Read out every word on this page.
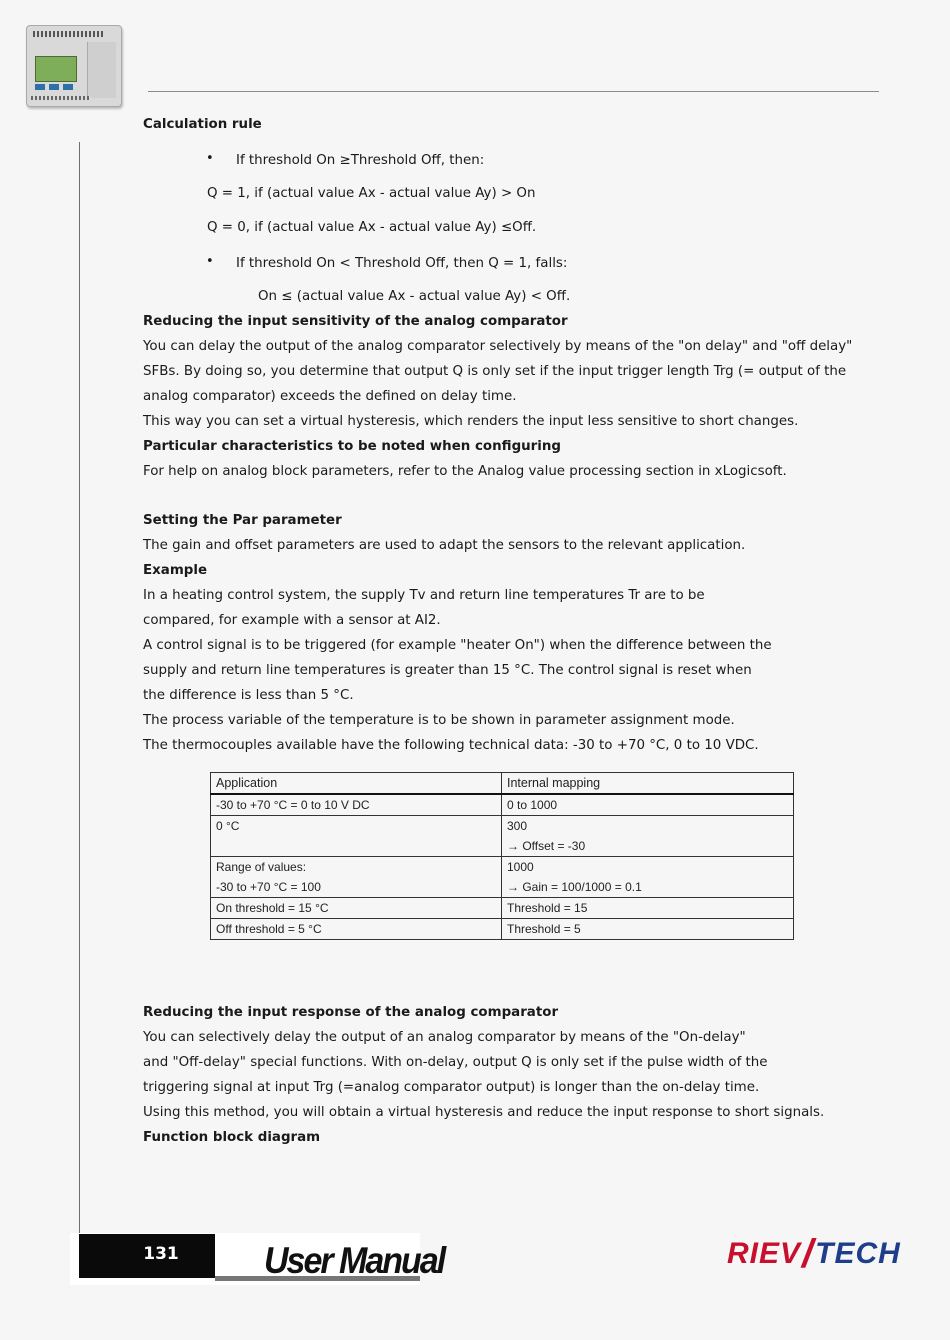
Calculation rule
• If threshold On ≥Threshold Off, then:
Q = 1, if (actual value Ax - actual value Ay) > On
Q = 0, if (actual value Ax - actual value Ay) ≤Off.
• If threshold On < Threshold Off, then Q = 1, falls:
On ≤ (actual value Ax - actual value Ay) < Off.
Reducing the input sensitivity of the analog comparator
You can delay the output of the analog comparator selectively by means of the "on delay" and "off delay"
SFBs. By doing so, you determine that output Q is only set if the input trigger length Trg (= output of the
analog comparator) exceeds the defined on delay time.
This way you can set a virtual hysteresis, which renders the input less sensitive to short changes.
Particular characteristics to be noted when configuring
For help on analog block parameters, refer to the Analog value processing section in xLogicsoft.
Setting the Par parameter
The gain and offset parameters are used to adapt the sensors to the relevant application.
Example
In a heating control system, the supply Tv and return line temperatures Tr are to be
compared, for example with a sensor at AI2.
A control signal is to be triggered (for example "heater On") when the difference between the
supply and return line temperatures is greater than 15 °C. The control signal is reset when
the difference is less than 5 °C.
The process variable of the temperature is to be shown in parameter assignment mode.
The thermocouples available have the following technical data: -30 to +70 °C, 0 to 10 VDC.
Application	Internal mapping
-30 to +70 °C = 0 to 10 V DC	0 to 1000
0 °C	300
	→ Offset = -30
Range of values:	1000
-30 to +70 °C = 100	→ Gain = 100/1000 = 0.1
On threshold = 15 °C	Threshold = 15
Off threshold = 5 °C	Threshold = 5
Reducing the input response of the analog comparator
You can selectively delay the output of an analog comparator by means of the "On-delay"
and "Off-delay" special functions. With on-delay, output Q is only set if the pulse width of the
triggering signal at input Trg (=analog comparator output) is longer than the on-delay time.
Using this method, you will obtain a virtual hysteresis and reduce the input response to short signals.
Function block diagram
131	User Manual	RIEV/TECH
